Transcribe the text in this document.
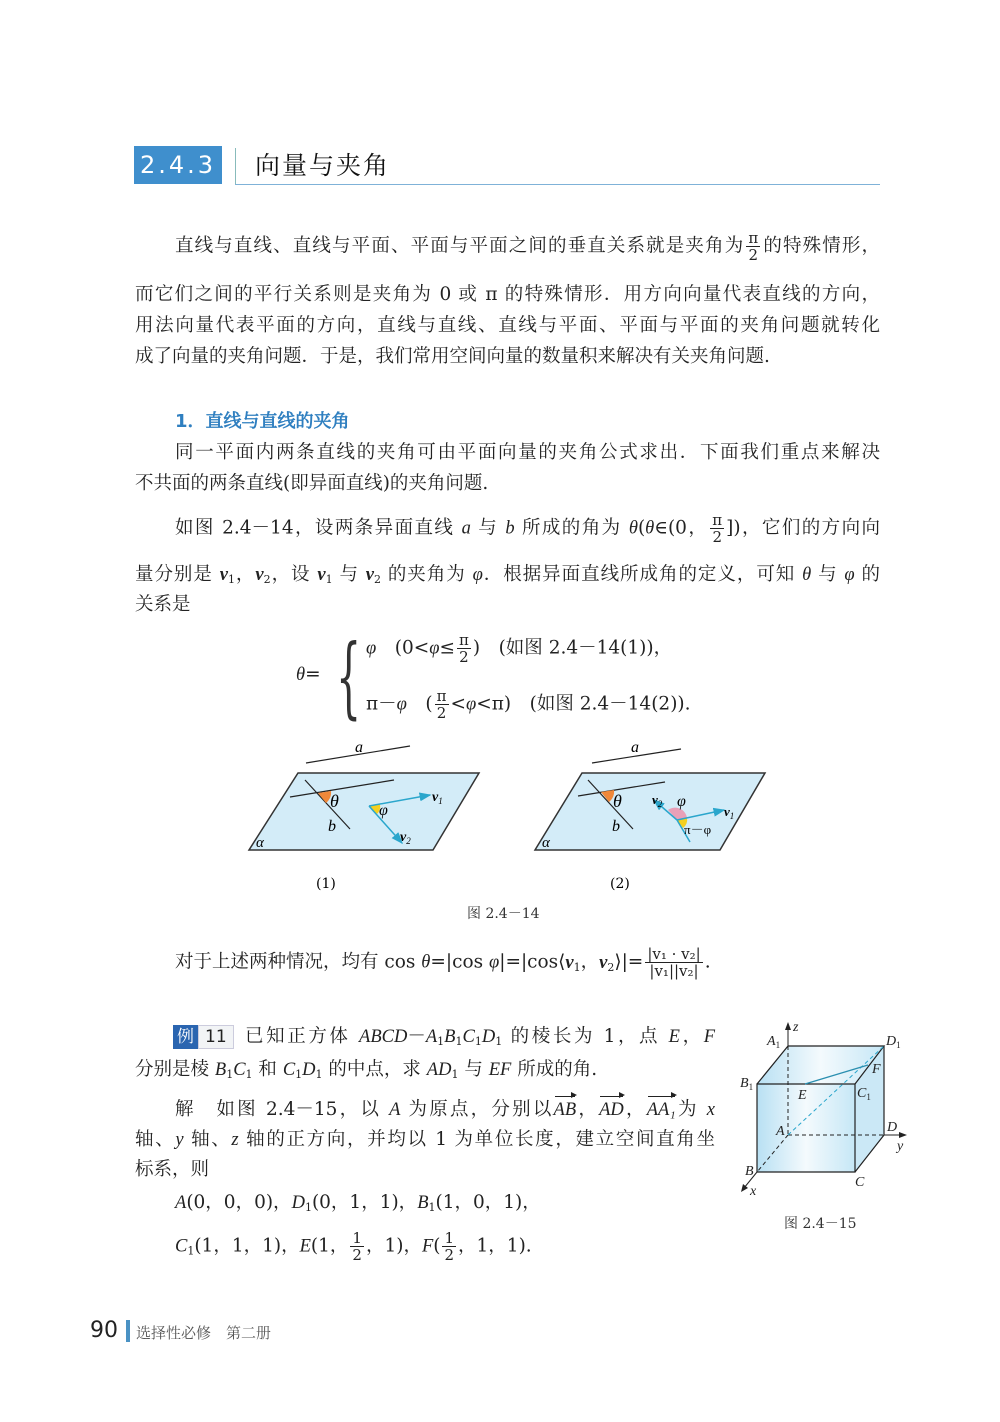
2.4.3 向量与夹角
直线与直线、直线与平面、平面与平面之间的垂直关系就是夹角为 $\frac{\pi}{2}$ 的特殊情形，
而它们之间的平行关系则是夹角为 0 或 π 的特殊情形．用方向向量代表直线的方向，
用法向量代表平面的方向，直线与直线、直线与平面、平面与平面的夹角问题就转化
成了向量的夹角问题．于是，我们常用空间向量的数量积来解决有关夹角问题.
1．直线与直线的夹角
同一平面内两条直线的夹角可由平面向量的夹角公式求出．下面我们重点来解决
不共面的两条直线(即异面直线)的夹角问题.
如图 2.4－14，设两条异面直线 a 与 b 所成的角为 θ(θ∈(0， $\frac{\pi}{2}$ ])，它们的方向向
量分别是 $v_1$，$v_2$，设 $v_1$ 与 $v_2$ 的夹角为 φ．根据异面直线所成角的定义，可知 θ 与 φ 的
关系是
θ= { φ　($0<\varphi\le \frac{\pi}{2}$ )　(如图 2.4－14(1))，
π－φ　( $\frac{\pi}{2} <\varphi<\pi$)　(如图 2.4－14(2)).
a
θ
b
φ
$v_1$
$v_2$
α
(1)
a
θ
b
φ
π－φ
$v_2$	$v_1$
α
(2)
图 2.4－14
$A_1$
z
$D_1$
$B_1$
E
F
$C_1$
A	D
y
B
C
x
图 2.4－15
对于上述两种情况，均有 cos θ=|cos $\varphi|=|\cos⟨v_1$，$v_2⟩|= \frac{\text{|v₁ · v₂|}}{\text{|v₁||v₂|}}$ .
例 11 已知正方体 $ABCD-A_1B_1C_1D_1$ 的棱长为 1，点 E，F
分别是棱 $B_1C_1$ 和 $C_1D_1$ 的中点，求 $AD_1$ 与 EF 所成的角.
解　如图 2.4－15，以 A 为原点，分别以AB，AD，AA₁为 x
轴、y 轴、z 轴的正方向，并均以 1 为单位长度，建立空间直角坐
标系，则
A(0，0，0)，$D_1(0$，1，1)，$B_1(1$，0，1)，
$C_1(1$，1，1)，E(1， $\frac{1}{2}$ ，1)，$F( \frac{1}{2}$ ，1，1).
90 选择性必修　第二册
